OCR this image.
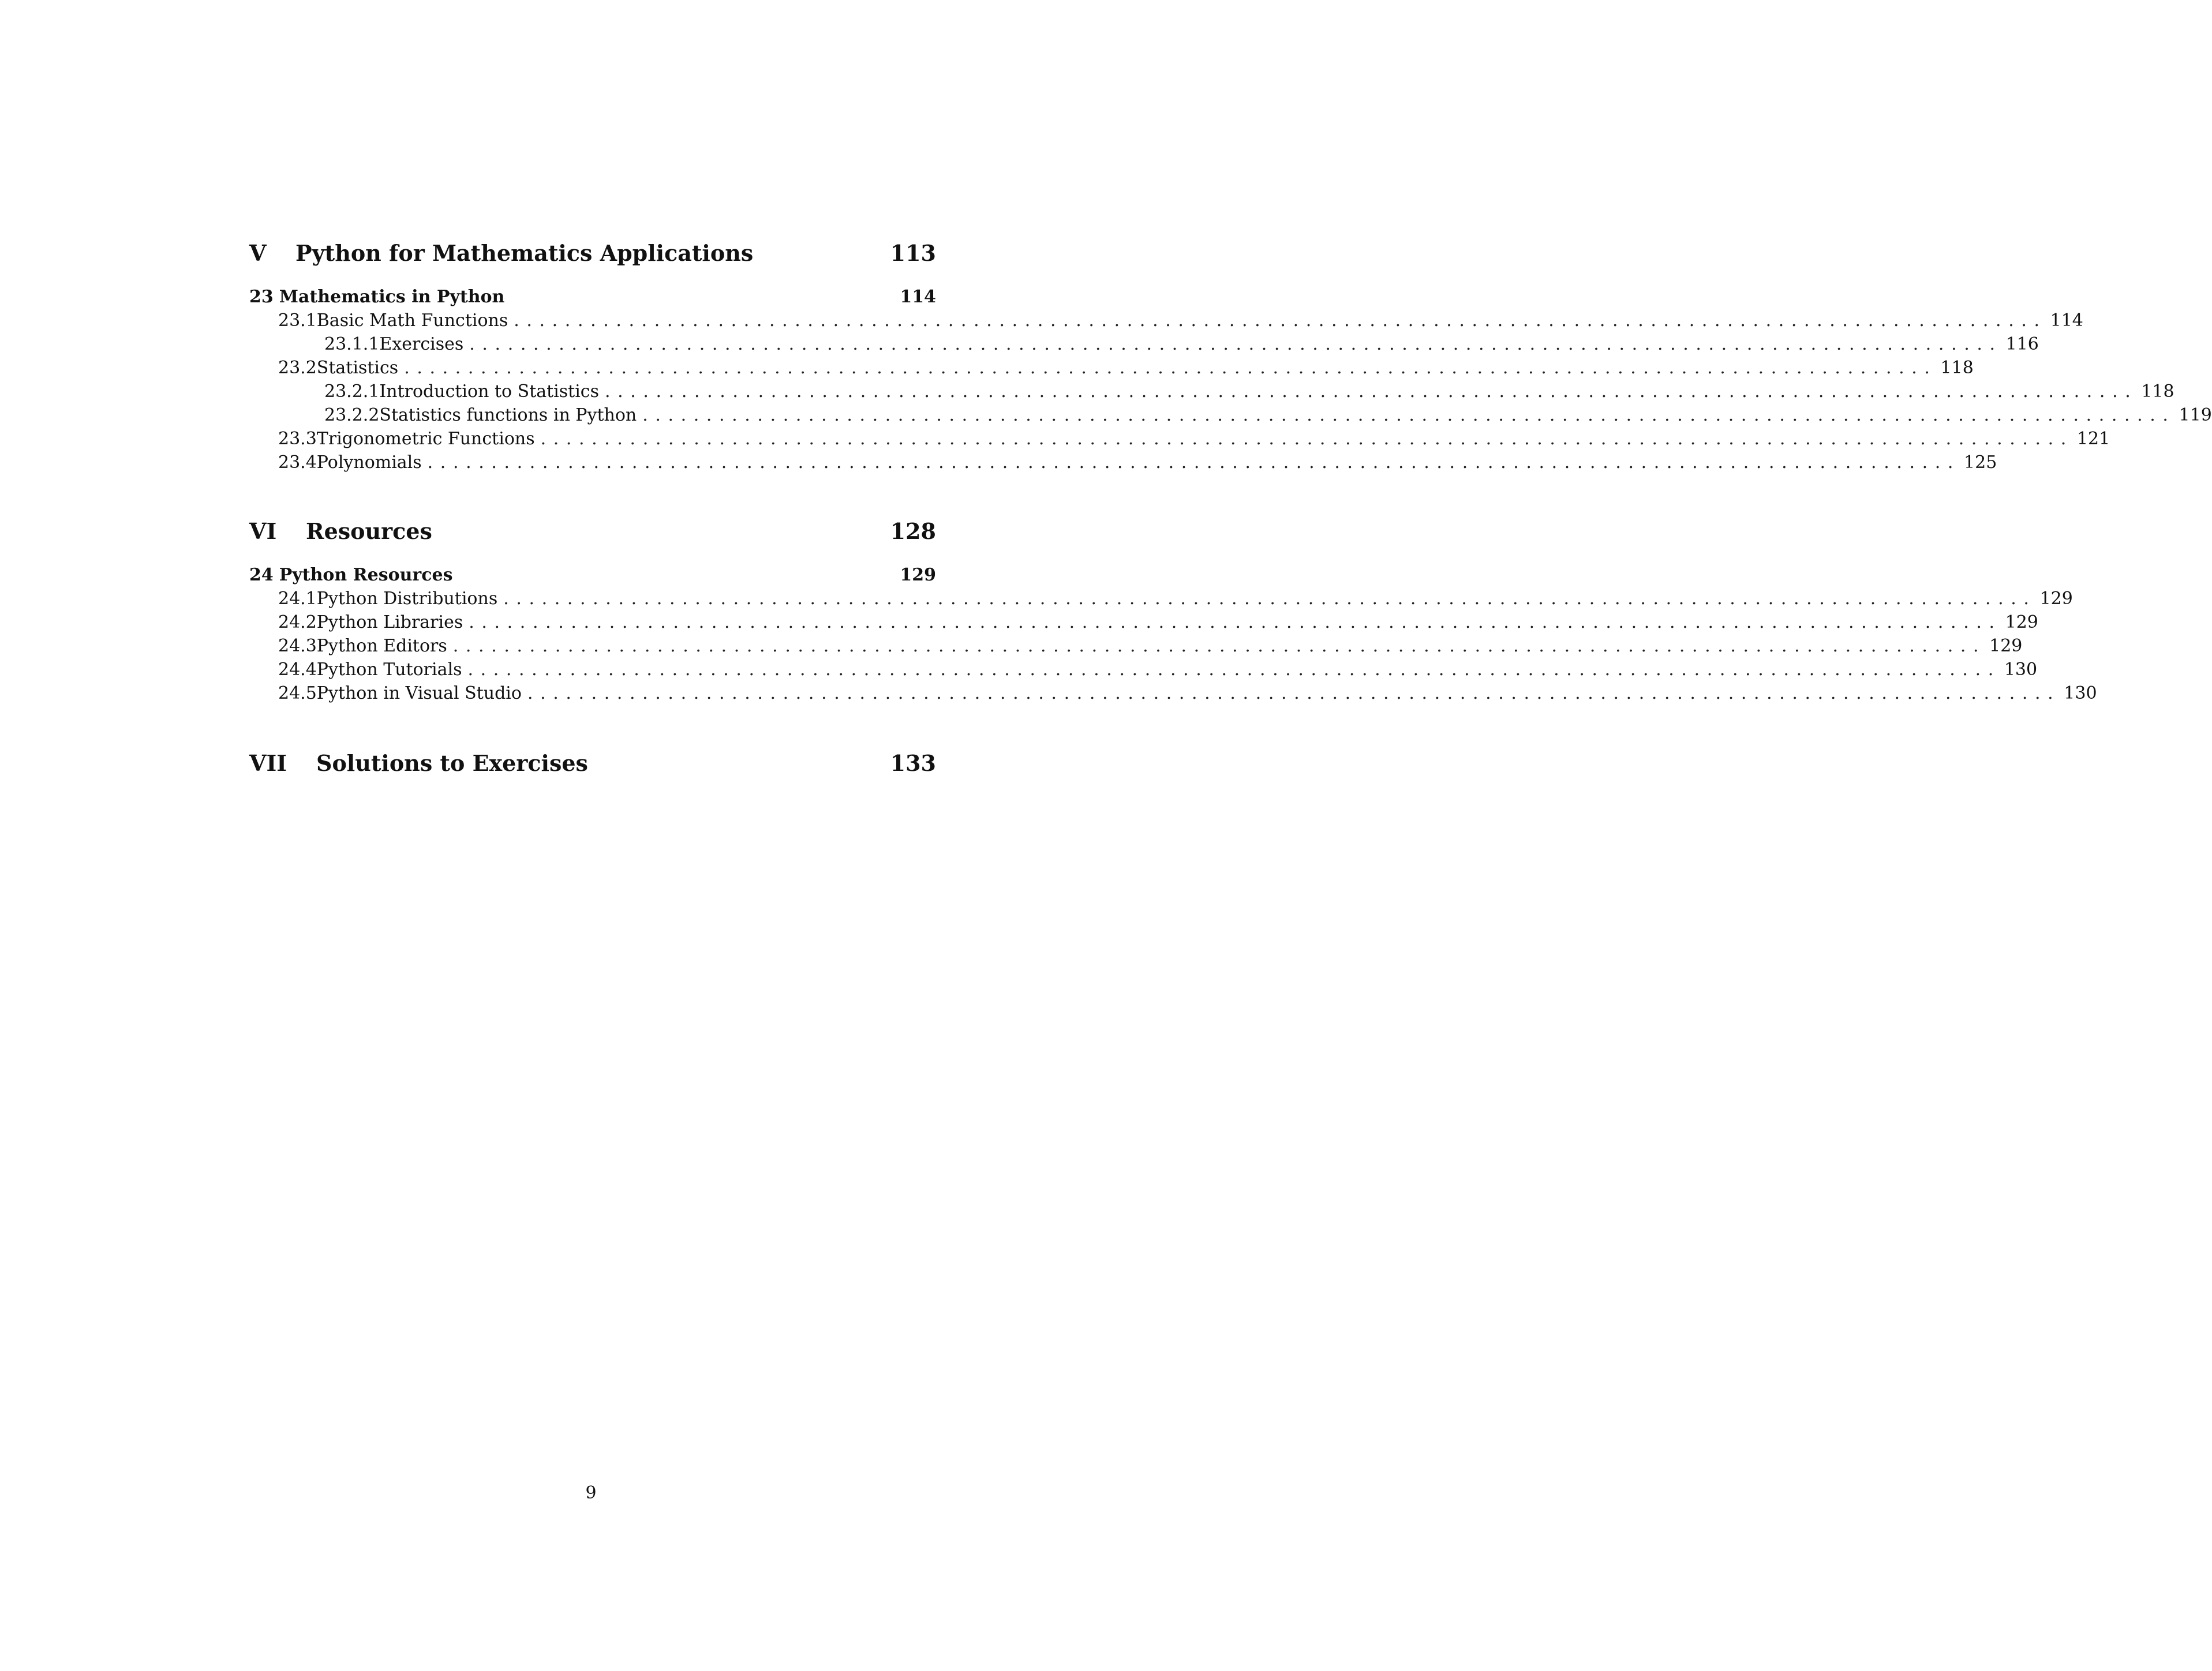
V	Python for Mathematics Applications	113
23 Mathematics in Python	114
23.1 Basic Math Functions ........................................................................................................................ 114
23.1.1 Exercises ........................................................................................................................ 116
23.2 Statistics ........................................................................................................................ 118
23.2.1 Introduction to Statistics ........................................................................................................................ 118
23.2.2 Statistics functions in Python ........................................................................................................................ 119
23.3 Trigonometric Functions ........................................................................................................................ 121
23.4 Polynomials ........................................................................................................................ 125
VI	Resources	128
24 Python Resources	129
24.1 Python Distributions ........................................................................................................................ 129
24.2 Python Libraries ........................................................................................................................ 129
24.3 Python Editors ........................................................................................................................ 129
24.4 Python Tutorials ........................................................................................................................ 130
24.5 Python in Visual Studio ........................................................................................................................ 130
VII	Solutions to Exercises	133
9
